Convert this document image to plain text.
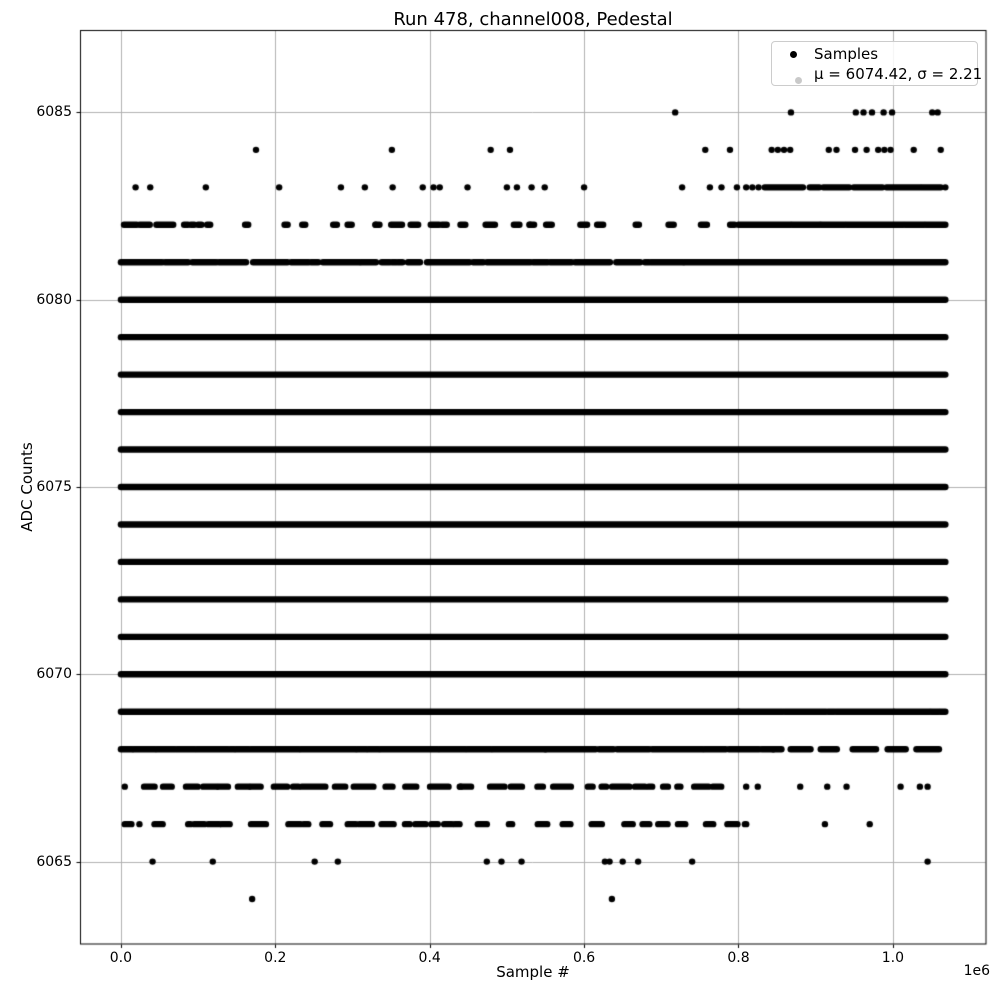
Run 478, channel008, Pedestal
Sample #
ADC Counts
1e6
Samples
μ = 6074.42, σ = 2.21
0.0	0.2	0.4	0.6	0.8	1.0
6065
6070
6075
6080
6085
